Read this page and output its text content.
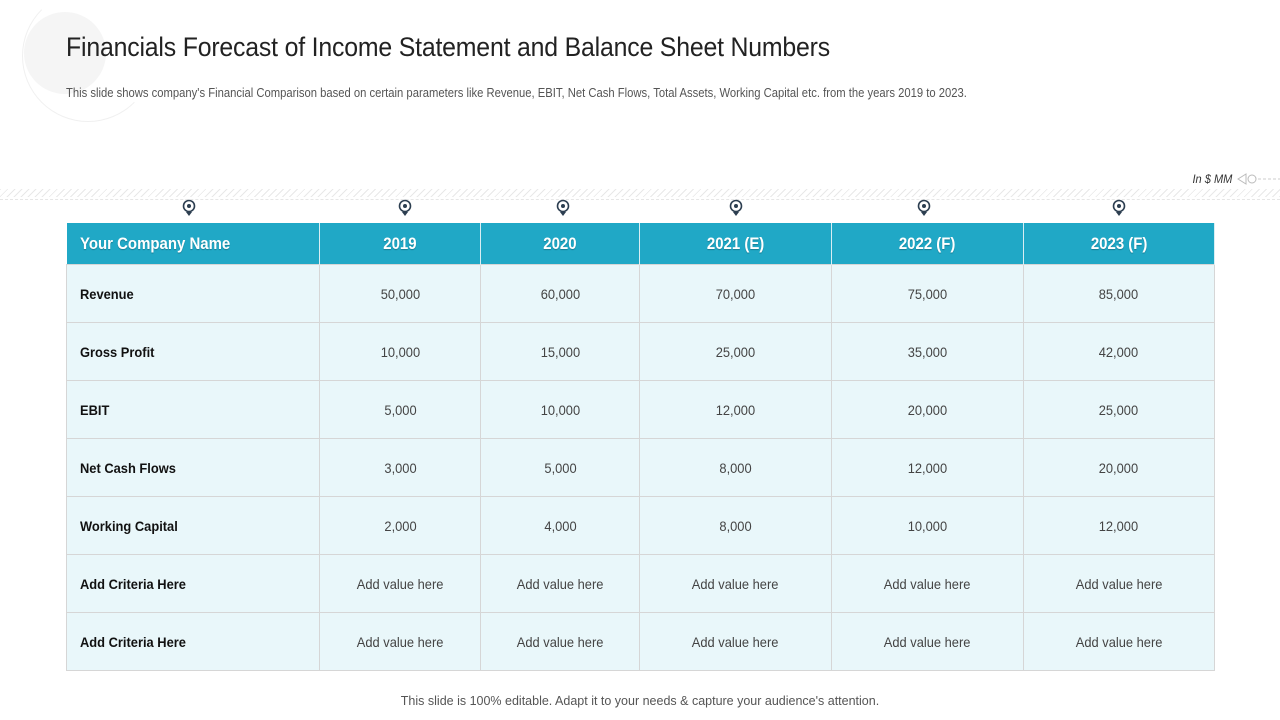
Financials Forecast of Income Statement and Balance Sheet Numbers

This slide shows company's Financial Comparison based on certain parameters like Revenue, EBIT, Net Cash Flows, Total Assets, Working Capital etc. from the years 2019 to 2023.

In $ MM
Your Company Name	2019	2020	2021 (E)	2022 (F)	2023 (F)
Revenue	50,000	60,000	70,000	75,000	85,000
Gross Profit	10,000	15,000	25,000	35,000	42,000
EBIT	5,000	10,000	12,000	20,000	25,000
Net Cash Flows	3,000	5,000	8,000	12,000	20,000
Working Capital	2,000	4,000	8,000	10,000	12,000
Add Criteria Here	Add value here	Add value here	Add value here	Add value here	Add value here
Add Criteria Here	Add value here	Add value here	Add value here	Add value here	Add value here

This slide is 100% editable. Adapt it to your needs & capture your audience's attention.
